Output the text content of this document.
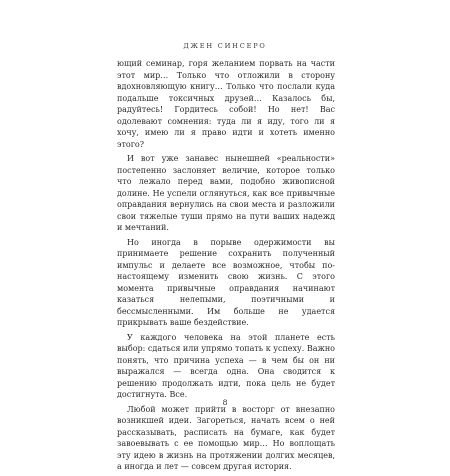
ДЖЕН СИНСЕРО

ющий семинар, горя желанием порвать на части этот мир… Только что отложили в сторону вдохновляющую книгу… Только что послали куда подальше токсичных друзей… Казалось бы, радуйтесь! Гордитесь собой! Но нет! Вас одолевают сомнения: туда ли я иду, того ли я хочу, имею ли я право идти и хотеть именно этого?

И вот уже занавес нынешней «реальности» постепенно заслоняет величие, которое только что лежало перед вами, подобно живописной долине. Не успели оглянуться, как все привычные оправдания вернулись на свои места и разложили свои тяжелые туши прямо на пути ваших надежд и мечтаний.

Но иногда в порыве одержимости вы принимаете решение сохранить полученный импульс и делаете все возможное, чтобы по-настоящему изменить свою жизнь. С этого момента привычные оправдания начинают казаться нелепыми, поэтичными и бессмысленными. Им больше не удается прикрывать ваше бездействие.

У каждого человека на этой планете есть выбор: сдаться или упрямо топать к успеху. Важно понять, что причина успеха — в чем бы он ни выражался — всегда одна. Она сводится к решению продолжать идти, пока цель не будет достигнута. Все.

Любой может прийти в восторг от внезапно возникшей идеи. Загореться, начать всем о ней рассказывать, расписать на бумаге, как будет завоевывать с ее помощью мир… Но воплощать эту идею в жизнь на протяжении долгих месяцев, а иногда и лет — совсем другая история.

8
